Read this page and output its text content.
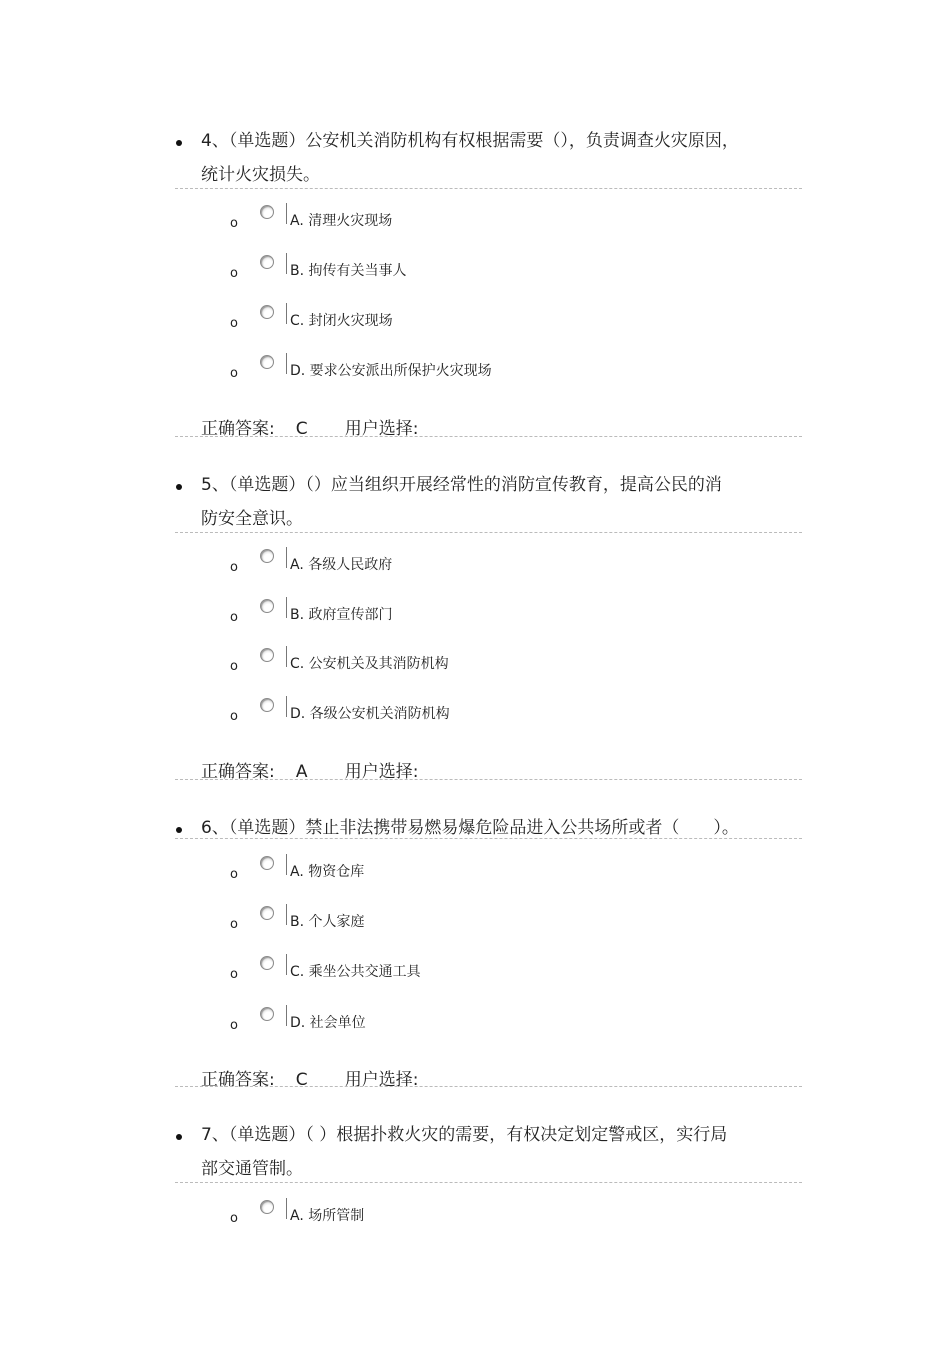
4、（单选题）公安机关消防机构有权根据需要（），负责调查火灾原因，
统计火灾损失。
o	A. 清理火灾现场
o	B. 拘传有关当事人
o	C. 封闭火灾现场
o	D. 要求公安派出所保护火灾现场
正确答案: C 用户选择:
5、（单选题）（）应当组织开展经常性的消防宣传教育，提高公民的消
防安全意识。
o	A. 各级人民政府
o	B. 政府宣传部门
o	C. 公安机关及其消防机构
o	D. 各级公安机关消防机构
正确答案: A 用户选择:
6、（单选题）禁止非法携带易燃易爆危险品进入公共场所或者（　　）。
o	A. 物资仓库
o	B. 个人家庭
o	C. 乘坐公共交通工具
o	D. 社会单位
正确答案: C 用户选择:
7、（单选题）（ ）根据扑救火灾的需要，有权决定划定警戒区，实行局
部交通管制。
o	A. 场所管制
